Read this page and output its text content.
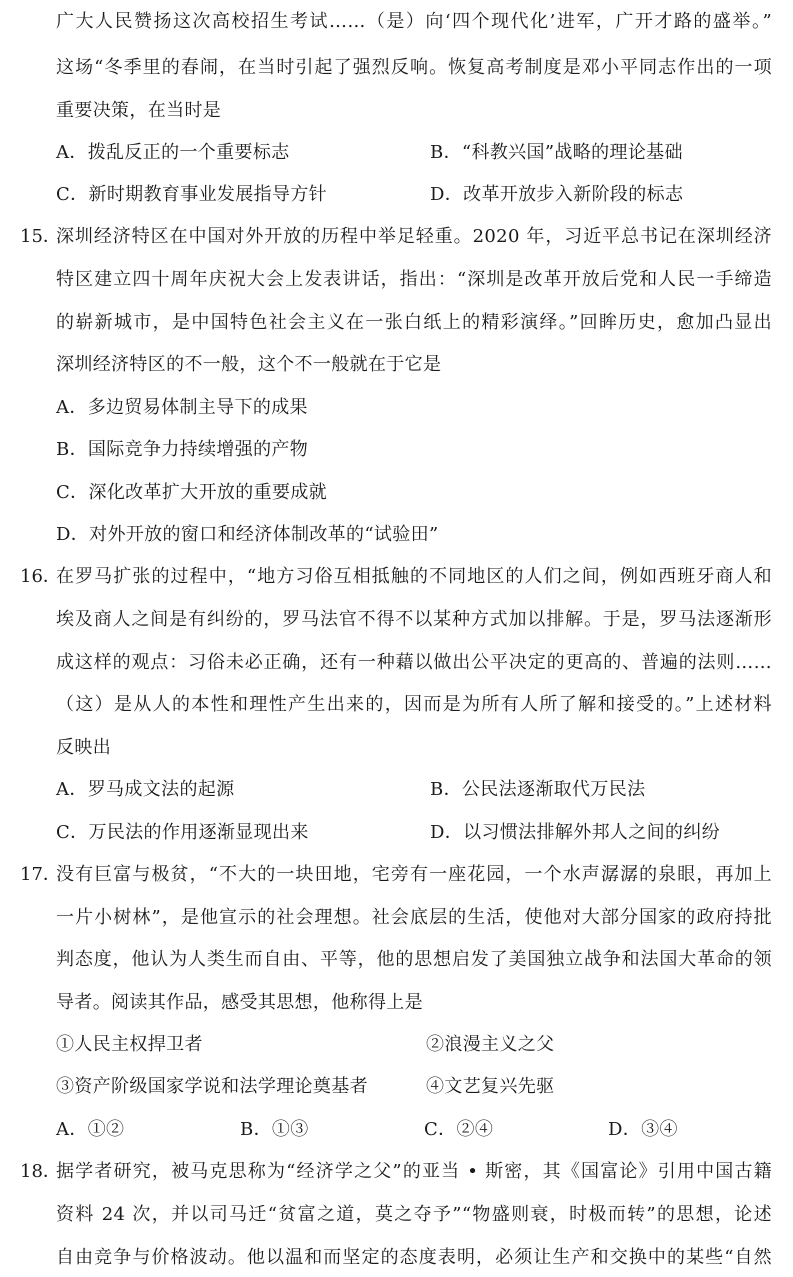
广大人民赞扬这次高校招生考试……（是）向‘四个现代化’进军，广开才路的盛举。”
这场“冬季里的春闹，在当时引起了强烈反响。恢复高考制度是邓小平同志作出的一项
重要决策，在当时是
A．拨乱反正的一个重要标志	B．“科教兴国”战略的理论基础
C．新时期教育事业发展指导方针	D．改革开放步入新阶段的标志
15．
深圳经济特区在中国对外开放的历程中举足轻重。2020 年，习近平总书记在深圳经济
特区建立四十周年庆祝大会上发表讲话，指出：“深圳是改革开放后党和人民一手缔造
的崭新城市，是中国特色社会主义在一张白纸上的精彩演绎。”回眸历史，愈加凸显出
深圳经济特区的不一般，这个不一般就在于它是
A．多边贸易体制主导下的成果
B．国际竞争力持续增强的产物
C．深化改革扩大开放的重要成就
D．对外开放的窗口和经济体制改革的“试验田”
16．
在罗马扩张的过程中，“地方习俗互相抵触的不同地区的人们之间，例如西班牙商人和
埃及商人之间是有纠纷的，罗马法官不得不以某种方式加以排解。于是，罗马法逐渐形
成这样的观点：习俗未必正确，还有一种藉以做出公平决定的更高的、普遍的法则……
（这）是从人的本性和理性产生出来的，因而是为所有人所了解和接受的。”上述材料
反映出
A．罗马成文法的起源	B．公民法逐渐取代万民法
C．万民法的作用逐渐显现出来	D．以习惯法排解外邦人之间的纠纷
17．
没有巨富与极贫，“不大的一块田地，宅旁有一座花园，一个水声潺潺的泉眼，再加上
一片小树林”，是他宣示的社会理想。社会底层的生活，使他对大部分国家的政府持批
判态度，他认为人类生而自由、平等，他的思想启发了美国独立战争和法国大革命的领
导者。阅读其作品，感受其思想，他称得上是
①人民主权捍卫者	②浪漫主义之父
③资产阶级国家学说和法学理论奠基者	④文艺复兴先驱
A．①②	B．①③	C．②④	D．③④
18．
据学者研究，被马克思称为“经济学之父”的亚当 • 斯密，其《国富论》引用中国古籍
资料 24 次，并以司马迁“贫富之道，莫之夺予”“物盛则衰，时极而转”的思想，论述
自由竞争与价格波动。他以温和而坚定的态度表明，必须让生产和交换中的某些“自然
